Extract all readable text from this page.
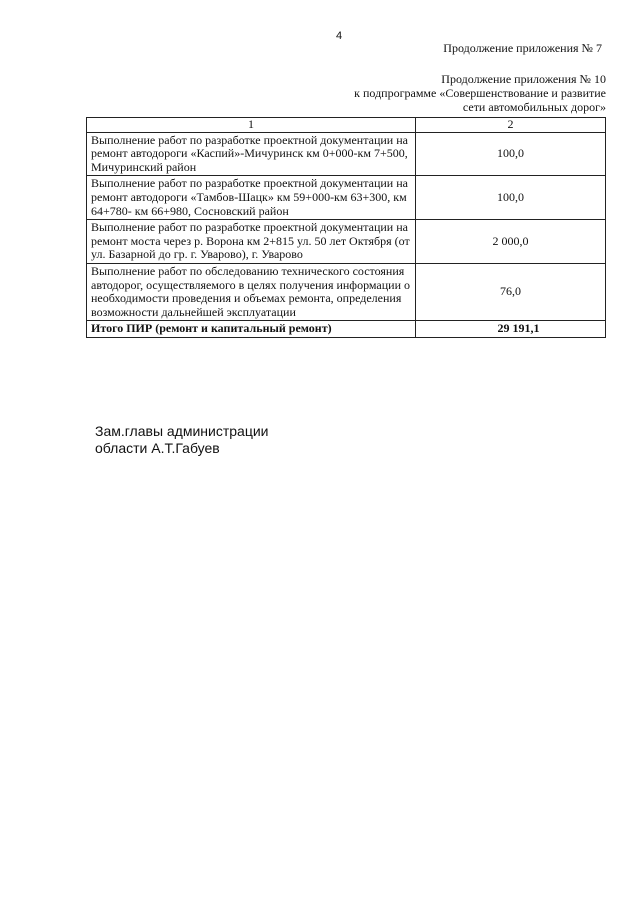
4
Продолжение приложения № 7
Продолжение приложения № 10
к подпрограмме «Совершенствование и развитие
сети автомобильных дорог»
1	2
Выполнение работ по разработке проектной документации на ремонт автодороги «Каспий»-Мичуринск км 0+000-км 7+500, Мичуринский район	100,0
Выполнение работ по разработке проектной документации на ремонт автодороги «Тамбов-Шацк» км 59+000-км 63+300, км 64+780- км 66+980, Сосновский район	100,0
Выполнение работ по разработке проектной документации на ремонт моста через р. Ворона км 2+815 ул. 50 лет Октября (от ул. Базарной до гр. г. Уварово), г. Уварово	2 000,0
Выполнение работ по обследованию технического состояния автодорог, осуществляемого в целях получения информации о необходимости проведения и объемах ремонта, определения возможности дальнейшей эксплуатации	76,0
Итого ПИР (ремонт и капитальный ремонт)	29 191,1
Зам.главы администрации
области А.Т.Габуев
